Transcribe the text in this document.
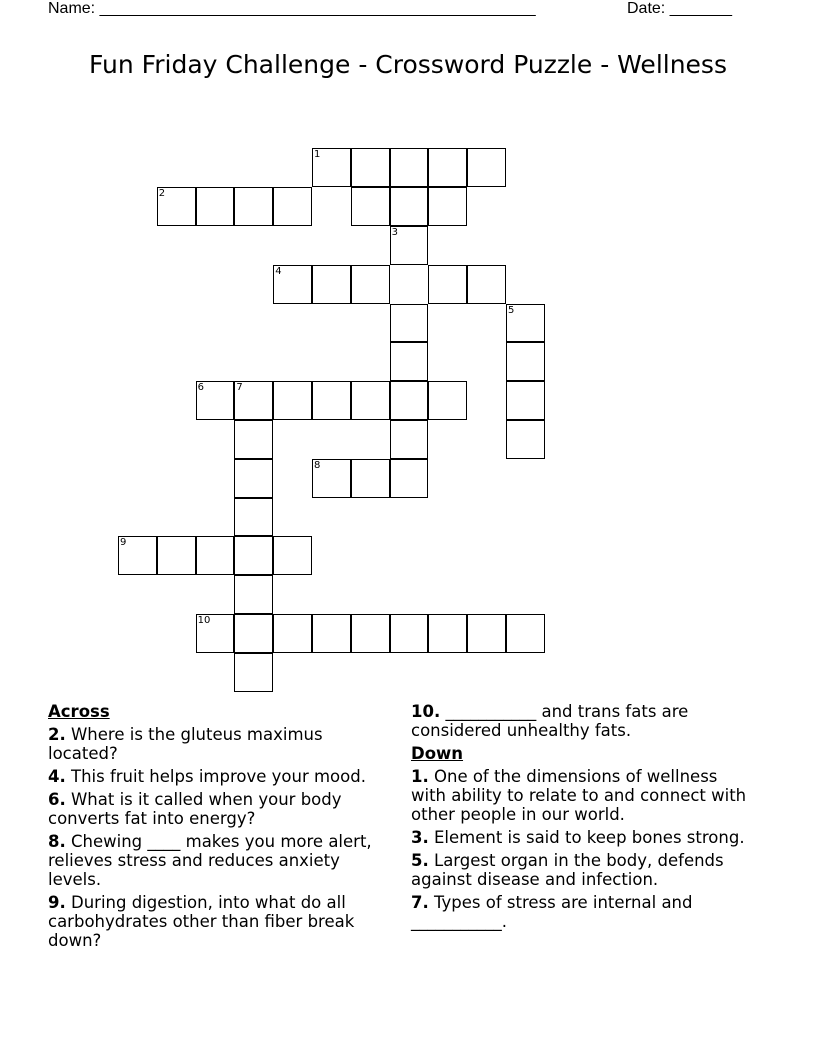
Name: _________________________________________________	Date: _______
Fun Friday Challenge - Crossword Puzzle - Wellness
1
2
3
4
5
6	7
8
9
10
Across
2. Where is the gluteus maximus located?
4. This fruit helps improve your mood.
6. What is it called when your body converts fat into energy?
8. Chewing ____ makes you more alert, relieves stress and reduces anxiety levels.
9. During digestion, into what do all carbohydrates other than fiber break down?
10. ___________ and trans fats are considered unhealthy fats.
Down
1. One of the dimensions of wellness with ability to relate to and connect with other people in our world.
3. Element is said to keep bones strong.
5. Largest organ in the body, defends against disease and infection.
7. Types of stress are internal and ___________.
